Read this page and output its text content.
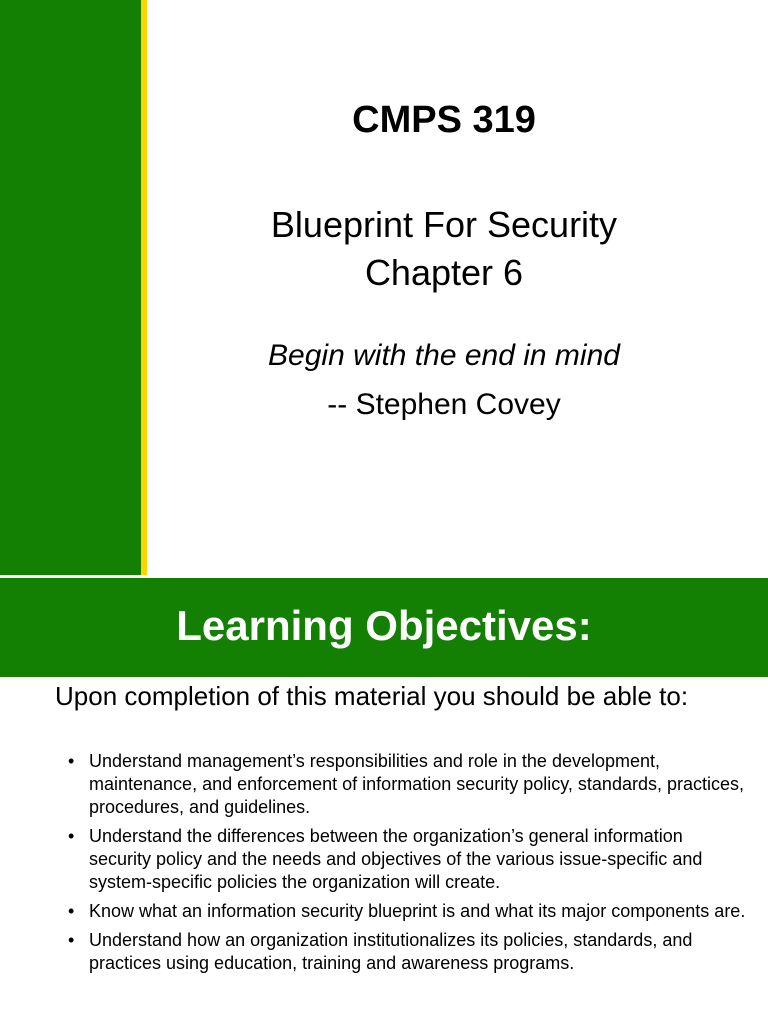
CMPS 319
Blueprint For Security
Chapter 6
Begin with the end in mind
-- Stephen Covey
Learning Objectives:
Upon completion of this material you should be able to:
• Understand management’s responsibilities and role in the development, maintenance, and enforcement of information security policy, standards, practices, procedures, and guidelines.
• Understand the differences between the organization’s general information security policy and the needs and objectives of the various issue-specific and system-specific policies the organization will create.
• Know what an information security blueprint is and what its major components are.
• Understand how an organization institutionalizes its policies, standards, and practices using education, training and awareness programs.
